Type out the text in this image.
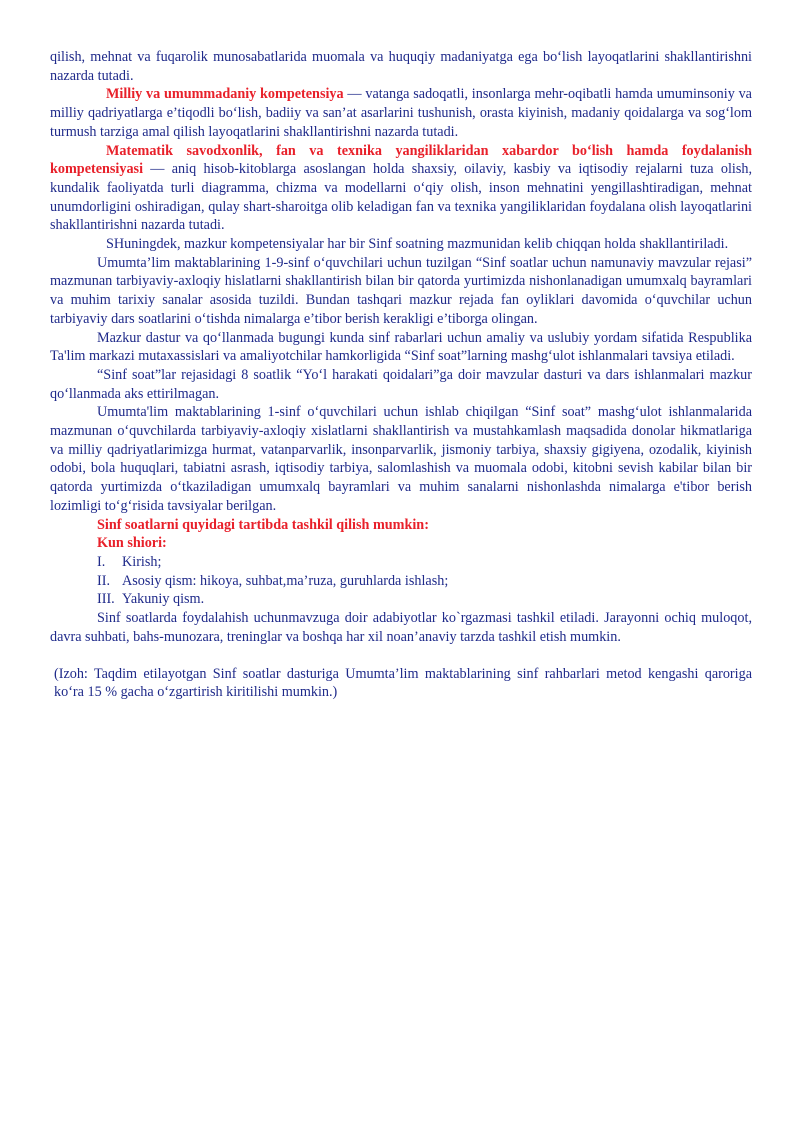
qilish, mehnat va fuqarolik munosabatlarida muomala va huquqiy madaniyatga ega bo‘lish layoqatlarini shakllantirishni nazarda tutadi.

Milliy va umummadaniy kompetensiya — vatanga sadoqatli, insonlarga mehr-oqibatli hamda umuminsoniy va milliy qadriyatlarga e’tiqodli bo‘lish, badiiy va san’at asarlarini tushunish, orasta kiyinish, madaniy qoidalarga va sog‘lom turmush tarziga amal qilish layoqatlarini shakllantirishni nazarda tutadi.

Matematik savodxonlik, fan va texnika yangiliklaridan xabardor bo‘lish hamda foydalanish kompetensiyasi — aniq hisob-kitoblarga asoslangan holda shaxsiy, oilaviy, kasbiy va iqtisodiy rejalarni tuza olish, kundalik faoliyatda turli diagramma, chizma va modellarni o‘qiy olish, inson mehnatini yengillashtiradigan, mehnat unumdorligini oshiradigan, qulay shart-sharoitga olib keladigan fan va texnika yangiliklaridan foydalana olish layoqatlarini shakllantirishni nazarda tutadi.

SHuningdek, mazkur kompetensiyalar har bir Sinf soatning mazmunidan kelib chiqqan holda shakllantiriladi.

Umumta’lim maktablarining 1-9-sinf o‘quvchilari uchun tuzilgan “Sinf soatlar uchun namunaviy mavzular rejasi” mazmunan tarbiyaviy-axloqiy hislatlarni shakllantirish bilan bir qatorda yurtimizda nishonlanadigan umumxalq bayramlari va muhim tarixiy sanalar asosida tuzildi. Bundan tashqari mazkur rejada fan oyliklari davomida o‘quvchilar uchun tarbiyaviy dars soatlarini o‘tishda nimalarga e’tibor berish kerakligi e’tiborga olingan.

Mazkur dastur va qo‘llanmada bugungi kunda sinf rabarlari uchun amaliy va uslubiy yordam sifatida Respublika Ta'lim markazi mutaxassislari va amaliyotchilar hamkorligida “Sinf soat”larning mashg‘ulot ishlanmalari tavsiya etiladi.

“Sinf soat”lar rejasidagi 8 soatlik “Yo‘l harakati qoidalari”ga doir mavzular dasturi va dars ishlanmalari mazkur qo‘llanmada aks ettirilmagan.

Umumta'lim maktablarining 1-sinf o‘quvchilari uchun ishlab chiqilgan “Sinf soat” mashg‘ulot ishlanmalarida mazmunan o‘quvchilarda tarbiyaviy-axloqiy xislatlarni shakllantirish va mustahkamlash maqsadida donolar hikmatlariga va milliy qadriyatlarimizga hurmat, vatanparvarlik, insonparvarlik, jismoniy tarbiya, shaxsiy gigiyena, ozodalik, kiyinish odobi, bola huquqlari, tabiatni asrash, iqtisodiy tarbiya, salomlashish va muomala odobi, kitobni sevish kabilar bilan bir qatorda yurtimizda o‘tkaziladigan umumxalq bayramlari va muhim sanalarni nishonlashda nimalarga e'tibor berish lozimligi to‘g‘risida tavsiyalar berilgan.

Sinf soatlarni quyidagi tartibda tashkil qilish mumkin:

Kun shiori:

I.	Kirish;
II. Asosiy qism: hikoya, suhbat,ma’ruza, guruhlarda ishlash;
III. Yakuniy qism.

Sinf soatlarda foydalahish uchunmavzuga doir adabiyotlar ko`rgazmasi tashkil etiladi. Jarayonni ochiq muloqot, davra suhbati, bahs-munozara, treninglar va boshqa har xil noan’anaviy tarzda tashkil etish mumkin.

(Izoh: Taqdim etilayotgan Sinf soatlar dasturiga Umumta’lim maktablarining sinf rahbarlari metod kengashi qaroriga ko‘ra 15 % gacha o‘zgartirish kiritilishi mumkin.)
